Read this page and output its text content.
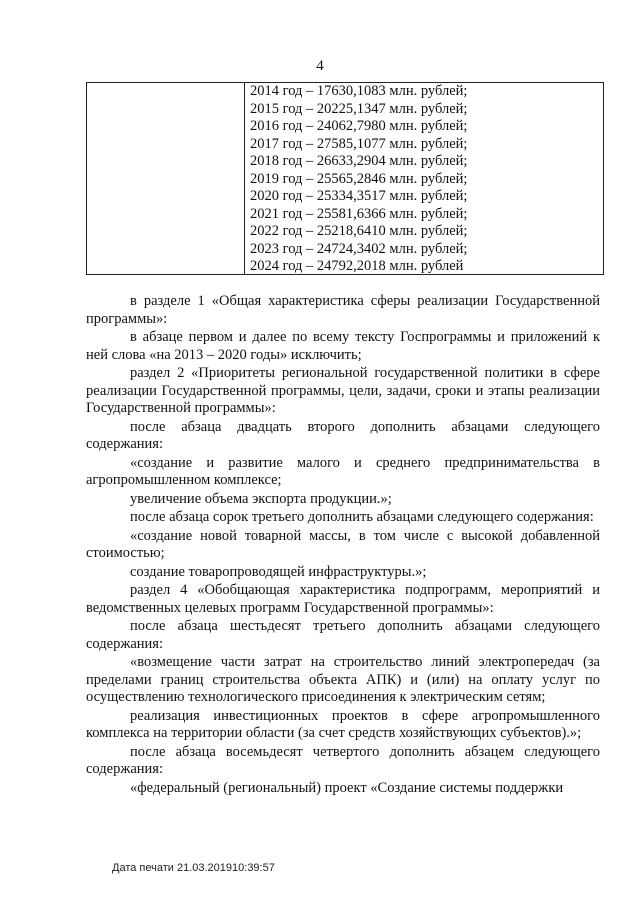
4
2014 год – 17630,1083 млн. рублей;
2015 год – 20225,1347 млн. рублей;
2016 год – 24062,7980 млн. рублей;
2017 год – 27585,1077 млн. рублей;
2018 год – 26633,2904 млн. рублей;
2019 год – 25565,2846 млн. рублей;
2020 год – 25334,3517 млн. рублей;
2021 год – 25581,6366 млн. рублей;
2022 год – 25218,6410 млн. рублей;
2023 год – 24724,3402 млн. рублей;
2024 год – 24792,2018 млн. рублей

в разделе 1 «Общая характеристика сферы реализации Государственной программы»:

в абзаце первом и далее по всему тексту Госпрограммы и приложений к ней слова «на 2013 – 2020 годы» исключить;

раздел 2 «Приоритеты региональной государственной политики в сфере реализации Государственной программы, цели, задачи, сроки и этапы реализации Государственной программы»:

после абзаца двадцать второго дополнить абзацами следующего содержания:

«создание и развитие малого и среднего предпринимательства в агропромышленном комплексе;

увеличение объема экспорта продукции.»;

после абзаца сорок третьего дополнить абзацами следующего содержания:

«создание новой товарной массы, в том числе с высокой добавленной стоимостью;

создание товаропроводящей инфраструктуры.»;

раздел 4 «Обобщающая характеристика подпрограмм, мероприятий и ведомственных целевых программ Государственной программы»:

после абзаца шестьдесят третьего дополнить абзацами следующего содержания:

«возмещение части затрат на строительство линий электропередач (за пределами границ строительства объекта АПК) и (или) на оплату услуг по осуществлению технологического присоединения к электрическим сетям;

реализация инвестиционных проектов в сфере агропромышленного комплекса на территории области (за счет средств хозяйствующих субъектов).»;

после абзаца восемьдесят четвертого дополнить абзацем следующего содержания:

«федеральный (региональный) проект «Создание системы поддержки

Дата печати 21.03.201910:39:57
